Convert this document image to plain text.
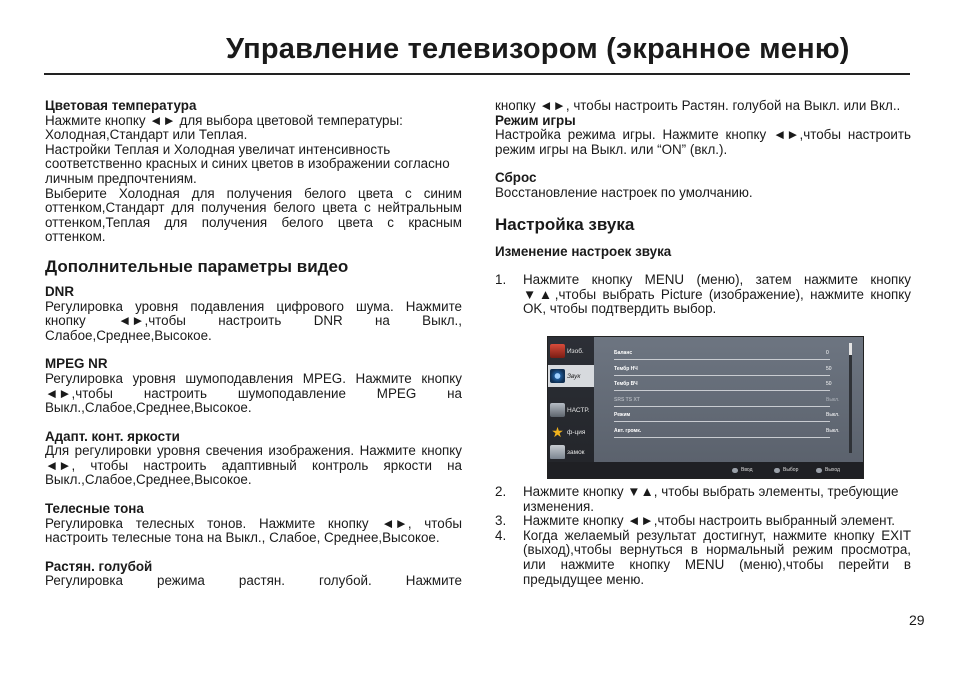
Управление телевизором (экранное меню)

Цветовая температура

Нажмите кнопку ◄► для выбора цветовой температуры: Холодная,Стандарт или Теплая.

Настройки Теплая и Холодная увеличат интенсивность соответственно красных и синих цветов в изображении согласно личным предпочтениям.

Выберите Холодная для получения белого цвета с синим оттенком,Стандарт для получения белого цвета с нейтральным оттенком,Теплая для получения белого цвета с красным оттенком.

Дополнительные параметры видео

DNR

Регулировка уровня подавления цифрового шума. Нажмите кнопку ◄►,чтобы настроить DNR на Выкл., Слабое,Среднее,Высокое.

MPEG NR

Регулировка уровня шумоподавления MPEG. Нажмите кнопку ◄►,чтобы настроить шумоподавление MPEG на Выкл.,Слабое,Среднее,Высокое.

Адапт. конт. яркости

Для регулировки уровня свечения изображения. Нажмите кнопку ◄►, чтобы настроить адаптивный контроль яркости на Выкл.,Слабое,Среднее,Высокое.

Телесные тона

Регулировка телесных тонов. Нажмите кнопку ◄►, чтобы настроить телесные тона на Выкл., Слабое, Среднее,Высокое.

Растян. голубой

Регулировка режима растян. голубой. Нажмите

кнопку ◄►, чтобы настроить Растян. голубой на Выкл. или Вкл..

Режим игры

Настройка режима игры. Нажмите кнопку ◄►,чтобы настроить режим игры на Выкл. или “ON” (вкл.).

Сброс

Восстановление настроек по умолчанию.

Настройка звука

Изменение настроек звука

1.	Нажмите кнопку MENU (меню), затем нажмите кнопку ▼▲,чтобы выбрать Picture (изображение), нажмите кнопку OK, чтобы подтвердить выбор.
2.	Нажмите кнопку ▼▲, чтобы выбрать элементы, требующие изменения.
3.	Нажмите кнопку ◄►,чтобы настроить выбранный элемент.
4.	Когда желаемый результат достигнут, нажмите кнопку EXIT (выход),чтобы вернуться в нормальный режим просмотра, или нажмите кнопку MENU (меню),чтобы перейти в предыдущее меню.
Изоб.
Звук
НАСТР.
★ ф-ция
замок
Баланс	0
Тембр НЧ	50
Тембр ВЧ	50
SRS TS XT	Выкл.
Режим	Выкл.
Авт. громк.	Выкл.
Ввод	Выбор	Выход
29
